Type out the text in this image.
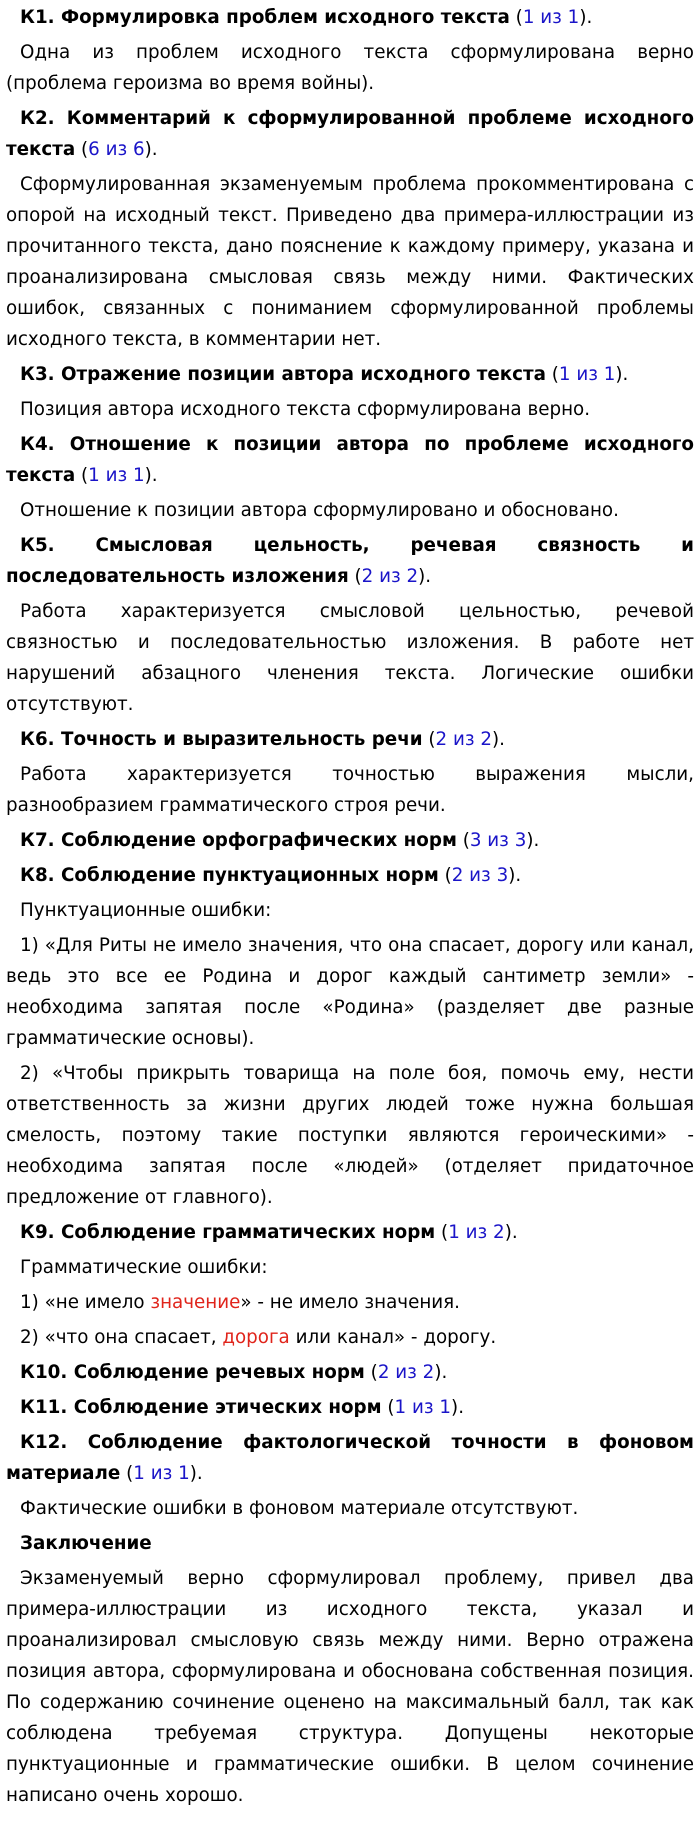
К1. Формулировка проблем исходного текста (1 из 1).

Одна из проблем исходного текста сформулирована верно (проблема героизма во время войны).

К2. Комментарий к сформулированной проблеме исходного текста (6 из 6).

Сформулированная экзаменуемым проблема прокомментирована с опорой на исходный текст. Приведено два примера-иллюстрации из прочитанного текста, дано пояснение к каждому примеру, указана и проанализирована смысловая связь между ними. Фактических ошибок, связанных с пониманием сформулированной проблемы исходного текста, в комментарии нет.

К3. Отражение позиции автора исходного текста (1 из 1).

Позиция автора исходного текста сформулирована верно.

К4. Отношение к позиции автора по проблеме исходного текста (1 из 1).

Отношение к позиции автора сформулировано и обосновано.

К5. Смысловая цельность, речевая связность и последовательность изложения (2 из 2).

Работа характеризуется смысловой цельностью, речевой связностью и последовательностью изложения. В работе нет нарушений абзацного членения текста. Логические ошибки отсутствуют.

К6. Точность и выразительность речи (2 из 2).

Работа характеризуется точностью выражения мысли, разнообразием грамматического строя речи.

К7. Соблюдение орфографических норм (3 из 3).

К8. Соблюдение пунктуационных норм (2 из 3).

Пунктуационные ошибки:

1) «Для Риты не имело значения, что она спасает, дорогу или канал, ведь это все ее Родина и дорог каждый сантиметр земли» - необходима запятая после «Родина» (разделяет две разные грамматические основы).

2) «Чтобы прикрыть товарища на поле боя, помочь ему, нести ответственность за жизни других людей тоже нужна большая смелость, поэтому такие поступки являются героическими» - необходима запятая после «людей» (отделяет придаточное предложение от главного).

К9. Соблюдение грамматических норм (1 из 2).

Грамматические ошибки:

1) «не имело значение» - не имело значения.

2) «что она спасает, дорога или канал» - дорогу.

К10. Соблюдение речевых норм (2 из 2).

К11. Соблюдение этических норм (1 из 1).

К12. Соблюдение фактологической точности в фоновом материале (1 из 1).

Фактические ошибки в фоновом материале отсутствуют.

Заключение

Экзаменуемый верно сформулировал проблему, привел два примера-иллюстрации из исходного текста, указал и проанализировал смысловую связь между ними. Верно отражена позиция автора, сформулирована и обоснована собственная позиция. По содержанию сочинение оценено на максимальный балл, так как соблюдена требуемая структура. Допущены некоторые пунктуационные и грамматические ошибки. В целом сочинение написано очень хорошо.
